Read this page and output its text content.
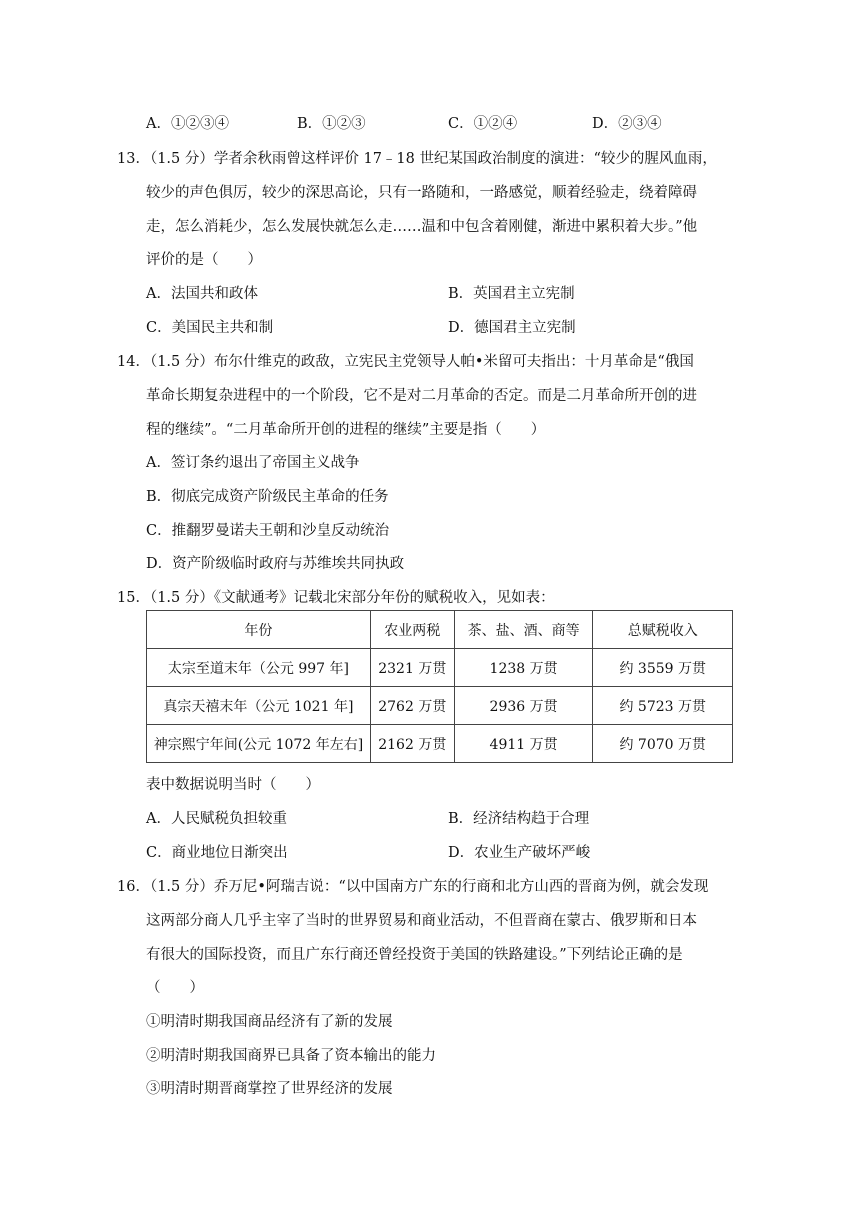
A．①②③④	B．①②③	C．①②④	D．②③④
13．（1.5 分）学者余秋雨曾这样评价 17﹣18 世纪某国政治制度的演进：“较少的腥风血雨，
较少的声色俱厉，较少的深思高论，只有一路随和，一路感觉，顺着经验走，绕着障碍
走，怎么消耗少，怎么发展快就怎么走……温和中包含着刚健，渐进中累积着大步。”他
评价的是（　　）
A．法国共和政体	B．英国君主立宪制
C．美国民主共和制	D．德国君主立宪制
14．（1.5 分）布尔什维克的政敌，立宪民主党领导人帕•米留可夫指出：十月革命是“俄国
革命长期复杂进程中的一个阶段，它不是对二月革命的否定。而是二月革命所开创的进
程的继续”。“二月革命所开创的进程的继续”主要是指（　　）
A．签订条约退出了帝国主义战争
B．彻底完成资产阶级民主革命的任务
C．推翻罗曼诺夫王朝和沙皇反动统治
D．资产阶级临时政府与苏维埃共同执政
15．（1.5 分）《文献通考》记载北宋部分年份的赋税收入，见如表：
年份	农业两税	茶、盐、酒、商等	总赋税收入
太宗至道末年（公元 997 年]	2321 万贯	1238 万贯	约 3559 万贯
真宗天禧末年（公元 1021 年]	2762 万贯	2936 万贯	约 5723 万贯
神宗熙宁年间(公元 1072 年左右]	2162 万贯	4911 万贯	约 7070 万贯
表中数据说明当时（　　）
A．人民赋税负担较重	B．经济结构趋于合理
C．商业地位日渐突出	D．农业生产破坏严峻
16．（1.5 分）乔万尼•阿瑞吉说：“以中国南方广东的行商和北方山西的晋商为例，就会发现
这两部分商人几乎主宰了当时的世界贸易和商业活动，不但晋商在蒙古、俄罗斯和日本
有很大的国际投资，而且广东行商还曾经投资于美国的铁路建设。”下列结论正确的是
（　　）
①明清时期我国商品经济有了新的发展
②明清时期我国商界已具备了资本输出的能力
③明清时期晋商掌控了世界经济的发展
